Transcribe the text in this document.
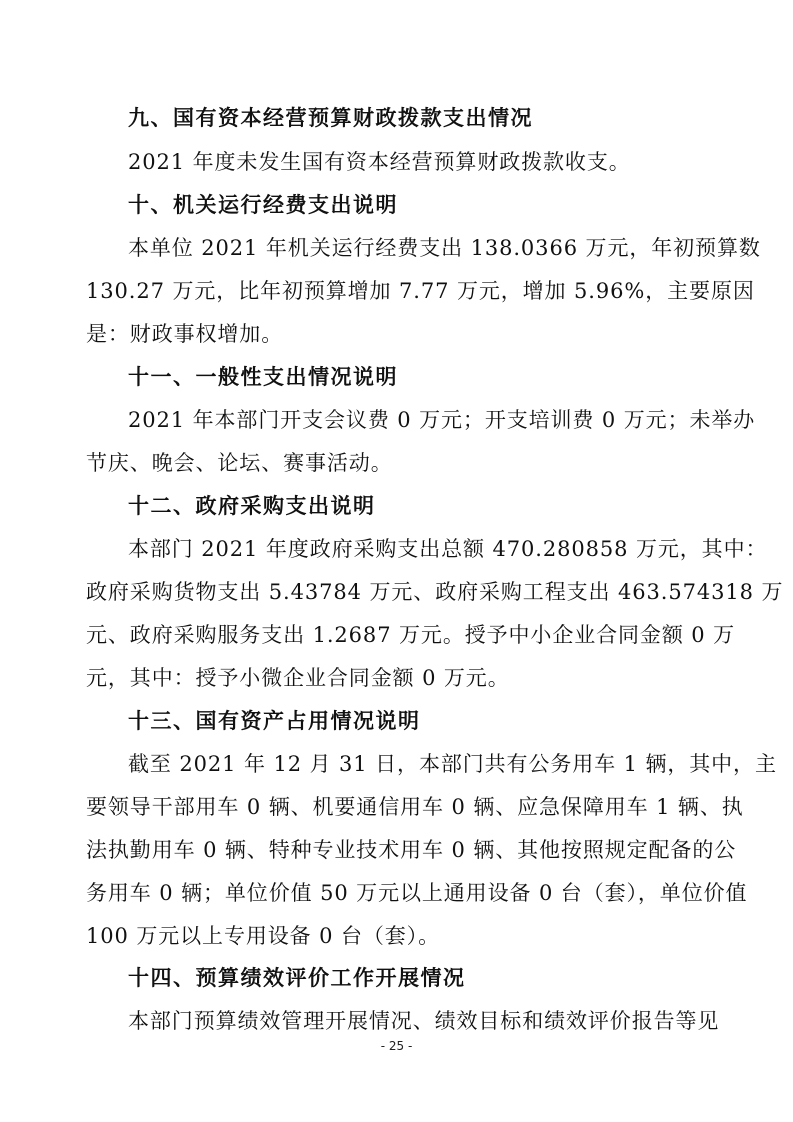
九、国有资本经营预算财政拨款支出情况
2021 年度未发生国有资本经营预算财政拨款收支。
十、机关运行经费支出说明
本单位 2021 年机关运行经费支出 138.0366 万元，年初预算数
130.27 万元，比年初预算增加 7.77 万元，增加 5.96%，主要原因
是：财政事权增加。
十一、一般性支出情况说明
2021 年本部门开支会议费 0 万元；开支培训费 0 万元；未举办
节庆、晚会、论坛、赛事活动。
十二、政府采购支出说明
本部门 2021 年度政府采购支出总额 470.280858 万元，其中：
政府采购货物支出 5.43784 万元、政府采购工程支出 463.574318 万
元、政府采购服务支出 1.2687 万元。授予中小企业合同金额 0 万
元，其中：授予小微企业合同金额 0 万元。
十三、国有资产占用情况说明
截至 2021 年 12 月 31 日，本部门共有公务用车 1 辆，其中，主
要领导干部用车 0 辆、机要通信用车 0 辆、应急保障用车 1 辆、执
法执勤用车 0 辆、特种专业技术用车 0 辆、其他按照规定配备的公
务用车 0 辆；单位价值 50 万元以上通用设备 0 台（套），单位价值
100 万元以上专用设备 0 台（套）。
十四、预算绩效评价工作开展情况
本部门预算绩效管理开展情况、绩效目标和绩效评价报告等见
- 25 -
